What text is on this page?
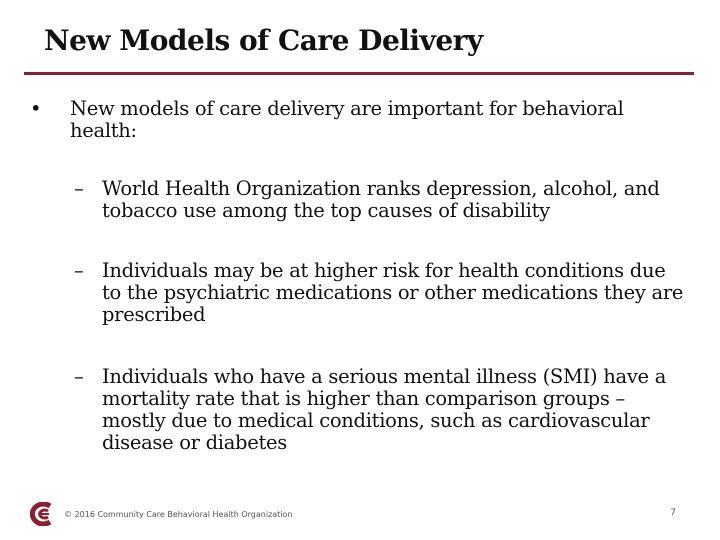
New Models of Care Delivery
• New models of care delivery are important for behavioral health:
– World Health Organization ranks depression, alcohol, and tobacco use among the top causes of disability
– Individuals may be at higher risk for health conditions due to the psychiatric medications or other medications they are prescribed
– Individuals who have a serious mental illness (SMI) have a mortality rate that is higher than comparison groups – mostly due to medical conditions, such as cardiovascular disease or diabetes
© 2016 Community Care Behavioral Health Organization	7
